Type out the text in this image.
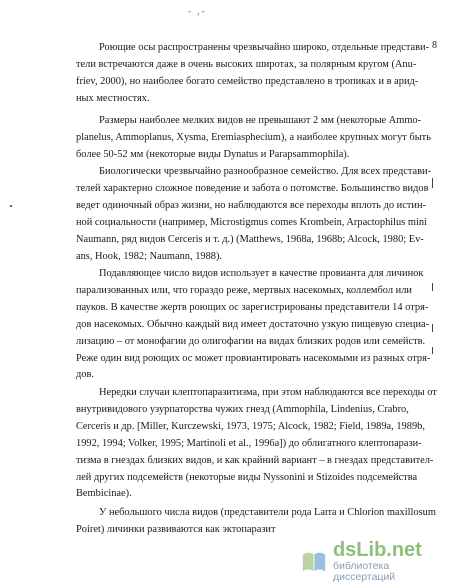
- ,-
8
Роющие осы распространены чрезвычайно широко, отдельные представи-
тели встречаются даже в очень высоких широтах, за полярным кругом (Anu-
friev, 2000), но наиболее богато семейство представлено в тропиках и в арид-
ных местностях.
Размеры наиболее мелких видов не превышают 2 мм (некоторые Ammo-
planelus, Ammoplanus, Xysma, Eremiasphecium), а наиболее крупных могут быть
более 50-52 мм (некоторые виды Dynatus и Parapsammophila).
Биологически чрезвычайно разнообразное семейство. Для всех представи-
телей характерно сложное поведение и забота о потомстве. Большинство видов
ведет одиночный образ жизни, но наблюдаются все переходы вплоть до истин-
ной социальности (например, Microstigmus comes Krombein, Arpactophilus mini
Naumann, ряд видов Cerceris и т. д.) (Matthews, 1968a, 1968b; Alcock, 1980; Ev-
ans, Hook, 1982; Naumann, 1988).
Подавляющее число видов использует в качестве провианта для личинок
парализованных или, что гораздо реже, мертвых насекомых, коллембол или
пауков. В качестве жертв роющих ос зарегистрированы представители 14 отря-
дов насекомых. Обычно каждый вид имеет достаточно узкую пищевую специа-
лизацию – от монофагии до олигофагии на видах близких родов или семейств.
Реже один вид роющих ос может провиантировать насекомыми из разных отря-
дов.
Нередки случаи клептопаразитизма, при этом наблюдаются все переходы от
внутривидового узурпаторства чужих гнезд (Ammophila, Lindenius, Crabro,
Cerceris и др. [Miller, Kurczewski, 1973, 1975; Alcock, 1982; Field, 1989a, 1989b,
1992, 1994; Volker, 1995; Martinoli et al., 1996a]) до облигатного клептопарази-
тизма в гнездах близких видов, и как крайний вариант – в гнездах представител-
лей других подсемейств (некоторые виды Nyssonini и Stizoides подсемейства
Bembicinae).
У небольшого числа видов (представители рода Larra и Chlorion maxillosum
Poiret) личинки развиваются как эктопаразит
dsLib.net
библиотека диссертаций
